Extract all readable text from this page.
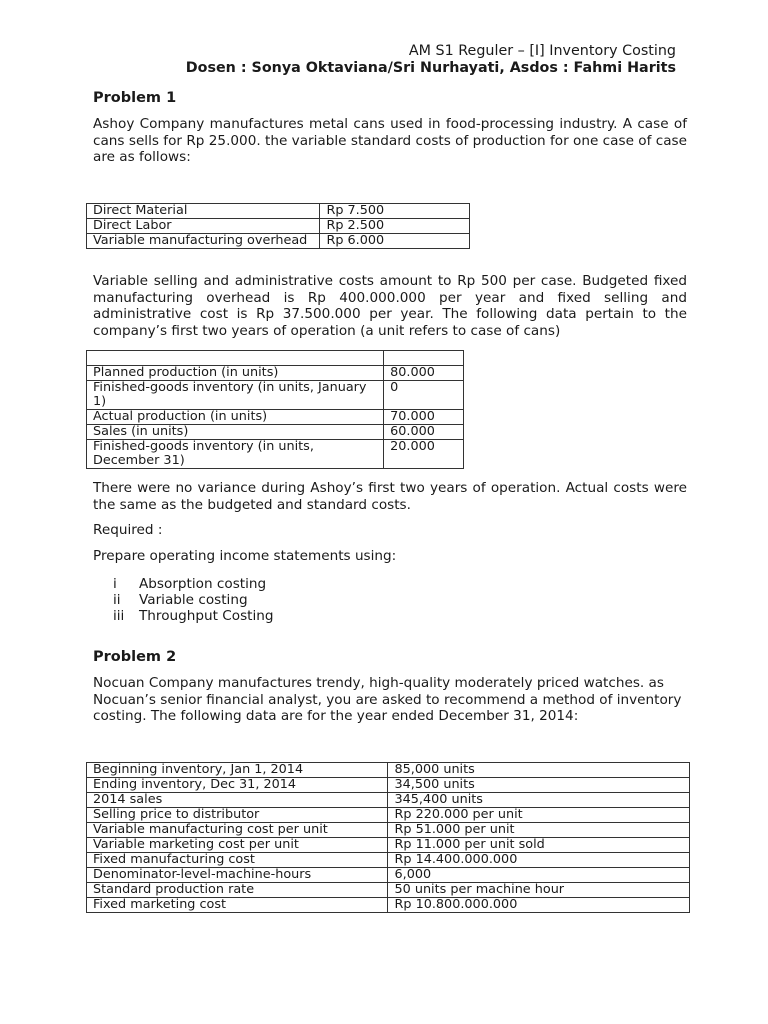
AM S1 Reguler – [I] Inventory Costing
Dosen : Sonya Oktaviana/Sri Nurhayati, Asdos : Fahmi Harits
Problem 1

Ashoy Company manufactures metal cans used in food-processing industry. A case of cans sells for Rp 25.000. the variable standard costs of production for one case of case are as follows:

Direct Material	Rp 7.500
Direct Labor	Rp 2.500
Variable manufacturing overhead	Rp 6.000

Variable selling and administrative costs amount to Rp 500 per case. Budgeted fixed manufacturing overhead is Rp 400.000.000 per year and fixed selling and administrative cost is Rp 37.500.000 per year. The following data pertain to the company’s first two years of operation (a unit refers to case of cans)

Planned production (in units)	80.000
Finished-goods inventory (in units, January 1)	0
Actual production (in units)	70.000
Sales (in units)	60.000
Finished-goods inventory (in units, December 31)	20.000

There were no variance during Ashoy’s first two years of operation. Actual costs were the same as the budgeted and standard costs.

Required :

Prepare operating income statements using:

i	Absorption costing
ii	Variable costing
iii	Throughput Costing
Problem 2

Nocuan Company manufactures trendy, high-quality moderately priced watches. as Nocuan’s senior financial analyst, you are asked to recommend a method of inventory costing. The following data are for the year ended December 31, 2014:

Beginning inventory, Jan 1, 2014	85,000 units
Ending inventory, Dec 31, 2014	34,500 units
2014 sales	345,400 units
Selling price to distributor	Rp 220.000 per unit
Variable manufacturing cost per unit	Rp 51.000 per unit
Variable marketing cost per unit	Rp 11.000 per unit sold
Fixed manufacturing cost	Rp 14.400.000.000
Denominator-level-machine-hours	6,000
Standard production rate	50 units per machine hour
Fixed marketing cost	Rp 10.800.000.000
